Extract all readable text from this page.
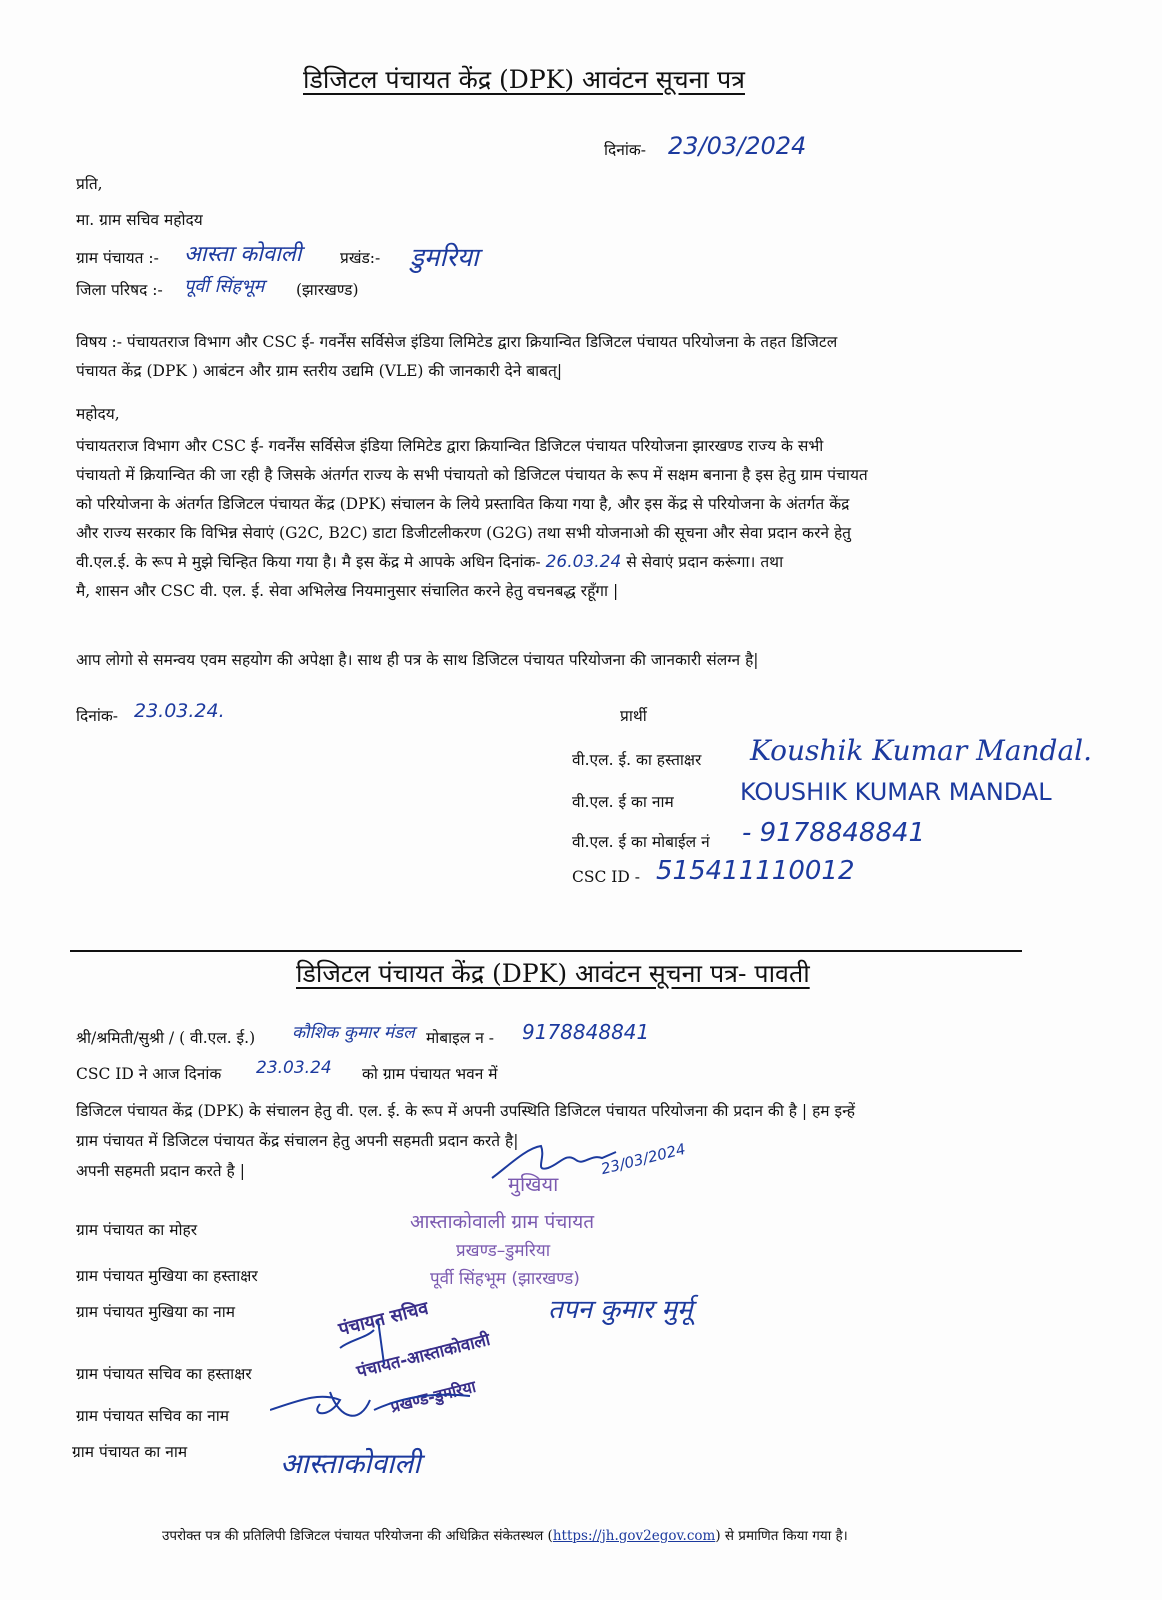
डिजिटल पंचायत केंद्र (DPK) आवंटन सूचना पत्र
दिनांक- 23/03/2024
प्रति,
मा. ग्राम सचिव महोदय
ग्राम पंचायत :- आस्ता कोवाली प्रखंड:- डुमरिया
जिला परिषद :- पूर्वी सिंहभूम (झारखण्ड)
विषय :- पंचायतराज विभाग और CSC ई- गवर्नेंस सर्विसेज इंडिया लिमिटेड द्वारा क्रियान्वित डिजिटल पंचायत परियोजना के तहत डिजिटल
पंचायत केंद्र (DPK ) आबंटन और ग्राम स्तरीय उद्यमि (VLE) की जानकारी देने बाबत्|
महोदय,
पंचायतराज विभाग और CSC ई- गवर्नेंस सर्विसेज इंडिया लिमिटेड द्वारा क्रियान्वित डिजिटल पंचायत परियोजना झारखण्ड राज्य के सभी
पंचायतो में क्रियान्वित की जा रही है जिसके अंतर्गत राज्य के सभी पंचायतो को डिजिटल पंचायत के रूप में सक्षम बनाना है इस हेतु ग्राम पंचायत
को परियोजना के अंतर्गत डिजिटल पंचायत केंद्र (DPK) संचालन के लिये प्रस्तावित किया गया है, और इस केंद्र से परियोजना के अंतर्गत केंद्र
और राज्य सरकार कि विभिन्न सेवाएं (G2C, B2C) डाटा डिजीटलीकरण (G2G) तथा सभी योजनाओ की सूचना और सेवा प्रदान करने हेतु
वी.एल.ई. के रूप मे मुझे चिन्हित किया गया है। मै इस केंद्र मे आपके अधिन दिनांक- 26.03.24 से सेवाएं प्रदान करूंगा। तथा
मै, शासन और CSC वी. एल. ई. सेवा अभिलेख नियमानुसार संचालित करने हेतु वचनबद्ध रहूँगा |
आप लोगो से समन्वय एवम सहयोग की अपेक्षा है। साथ ही पत्र के साथ डिजिटल पंचायत परियोजना की जानकारी संलग्न है|
दिनांक- 23.03.24.	प्रार्थी
वी.एल. ई. का हस्ताक्षर Koushik Kumar Mandal.
वी.एल. ई का नाम	KOUSHIK KUMAR MANDAL
वी.एल. ई का मोबाईल नं - 9178848841
CSC ID - 515411110012
डिजिटल पंचायत केंद्र (DPK) आवंटन सूचना पत्र- पावती
श्री/श्रमिती/सुश्री / ( वी.एल. ई.) कौशिक कुमार मंडल मोबाइल न - 9178848841
CSC ID ने आज दिनांक 23.03.24 को ग्राम पंचायत भवन में
डिजिटल पंचायत केंद्र (DPK) के संचालन हेतु वी. एल. ई. के रूप में अपनी उपस्थिति डिजिटल पंचायत परियोजना की प्रदान की है | हम इन्हें
ग्राम पंचायत में डिजिटल पंचायत केंद्र संचालन हेतु अपनी सहमती प्रदान करते है|
अपनी सहमती प्रदान करते है |
ग्राम पंचायत का मोहर
ग्राम पंचायत मुखिया का हस्ताक्षर
ग्राम पंचायत मुखिया का नाम
ग्राम पंचायत सचिव का हस्ताक्षर
ग्राम पंचायत सचिव का नाम
ग्राम पंचायत का नाम
23/03/2024
मुखिया
आस्ताकोवाली ग्राम पंचायत
प्रखण्ड–डुमरिया
पूर्वी सिंहभूम (झारखण्ड)
तपन कुमार मुर्मू
पंचायत सचिव
पंचायत-आस्ताकोवाली
प्रखण्ड-डुमरिया
आस्ताकोवाली
उपरोक्त पत्र की प्रतिलिपी डिजिटल पंचायत परियोजना की अधिक्रित संकेतस्थल (https://jh.gov2egov.com) से प्रमाणित किया गया है।
